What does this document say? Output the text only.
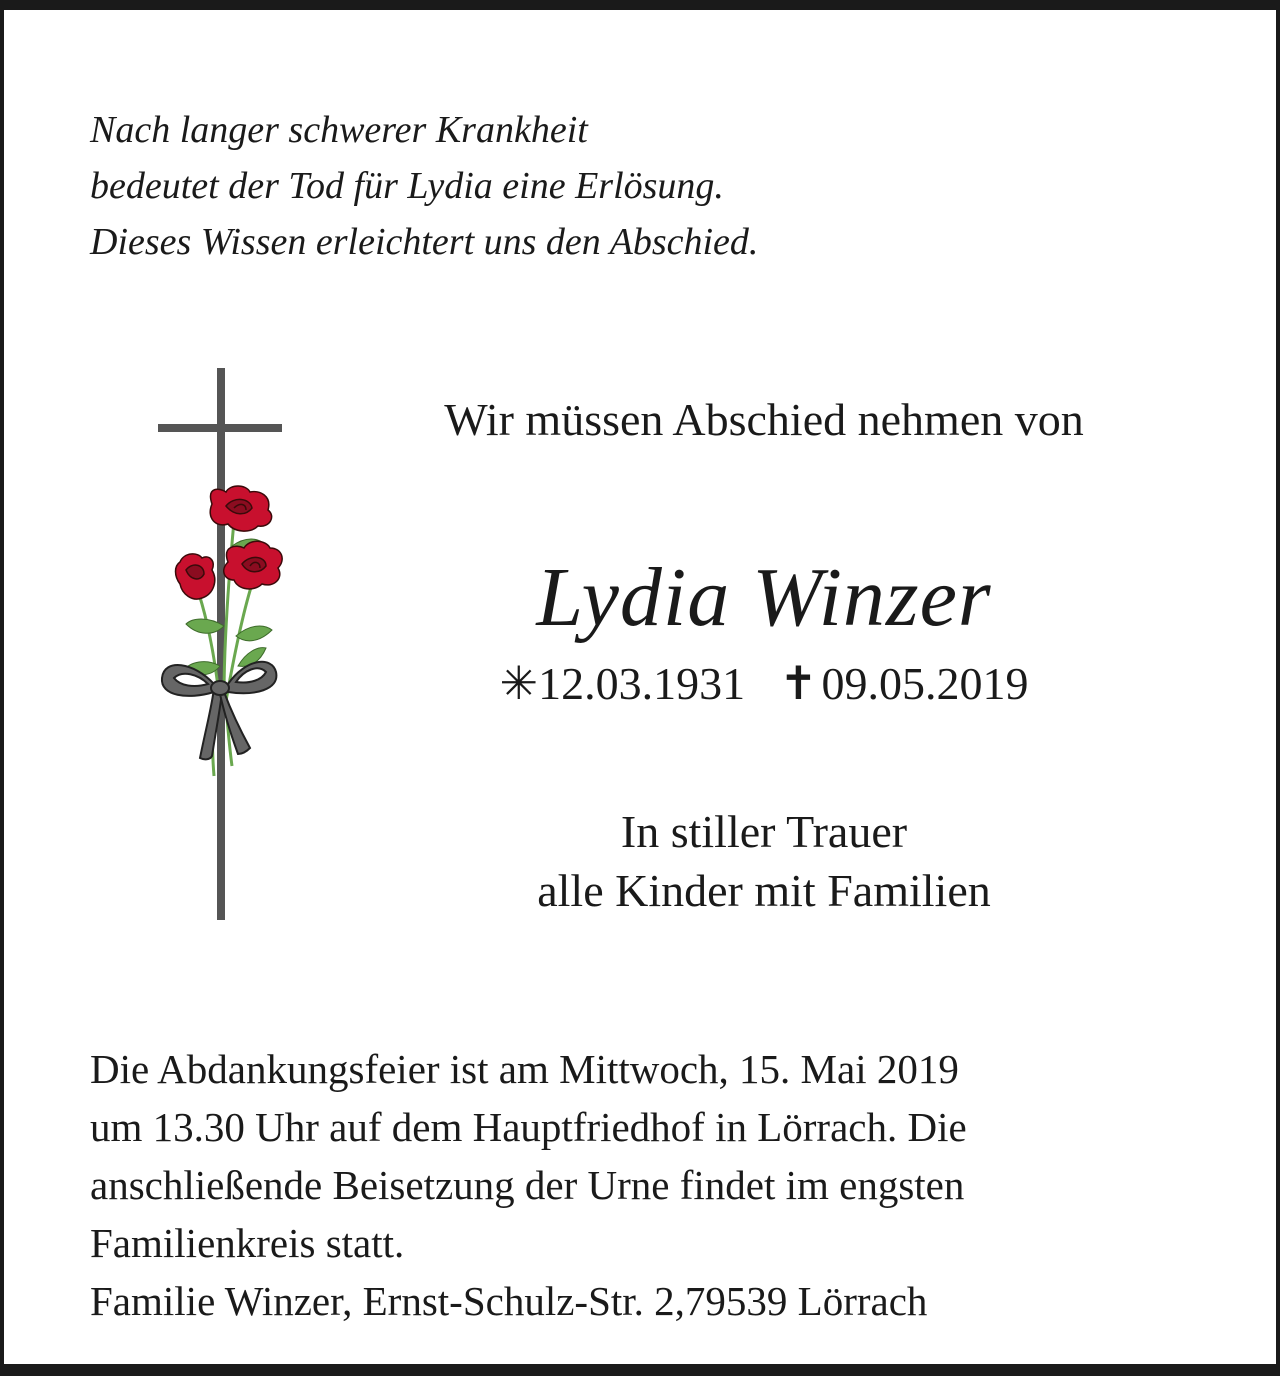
Nach langer schwerer Krankheit
bedeutet der Tod für Lydia eine Erlösung.
Dieses Wissen erleichtert uns den Abschied.

Wir müssen Abschied nehmen von
Lydia Winzer
✳12.03.1931 ✝ 09.05.2019
In stiller Trauer
alle Kinder mit Familien

Die Abdankungsfeier ist am Mittwoch, 15. Mai 2019
um 13.30 Uhr auf dem Hauptfriedhof in Lörrach. Die
anschließende Beisetzung der Urne findet im engsten
Familienkreis statt.
Familie Winzer, Ernst-Schulz-Str. 2,79539 Lörrach
